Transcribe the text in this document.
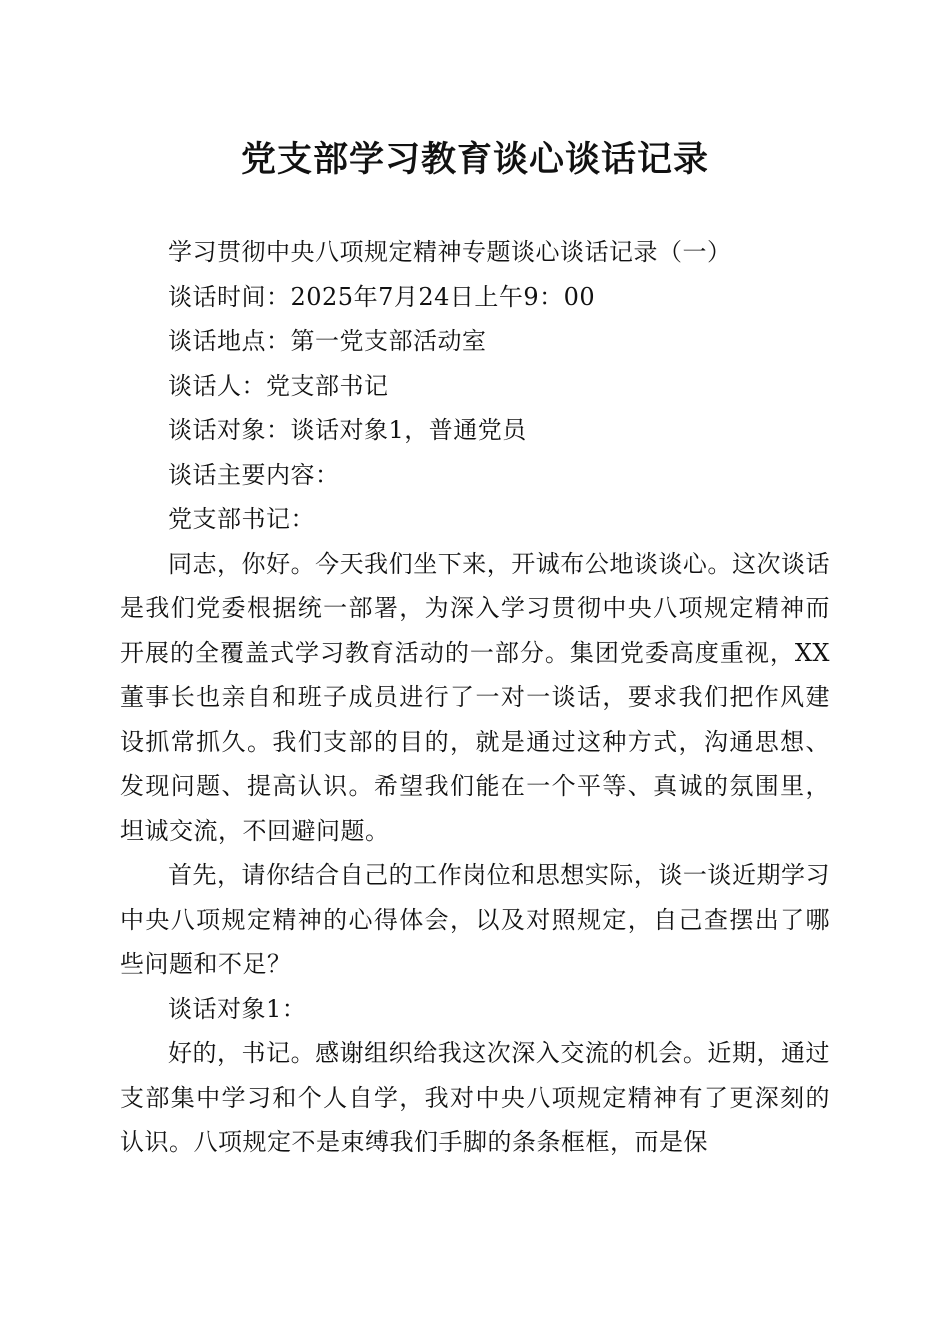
党支部学习教育谈心谈话记录

学习贯彻中央八项规定精神专题谈心谈话记录（一）

谈话时间：2025年7月24日上午9：00

谈话地点：第一党支部活动室

谈话人：党支部书记

谈话对象：谈话对象1，普通党员

谈话主要内容：

党支部书记：

同志，你好。今天我们坐下来，开诚布公地谈谈心。这次谈话是我们党委根据统一部署，为深入学习贯彻中央八项规定精神而开展的全覆盖式学习教育活动的一部分。集团党委高度重视，XX董事长也亲自和班子成员进行了一对一谈话，要求我们把作风建设抓常抓久。我们支部的目的，就是通过这种方式，沟通思想、发现问题、提高认识。希望我们能在一个平等、真诚的氛围里，坦诚交流，不回避问题。

首先，请你结合自己的工作岗位和思想实际，谈一谈近期学习中央八项规定精神的心得体会，以及对照规定，自己查摆出了哪些问题和不足？

谈话对象1：

好的，书记。感谢组织给我这次深入交流的机会。近期，通过支部集中学习和个人自学，我对中央八项规定精神有了更深刻的认识。八项规定不是束缚我们手脚的条条框框，而是保
